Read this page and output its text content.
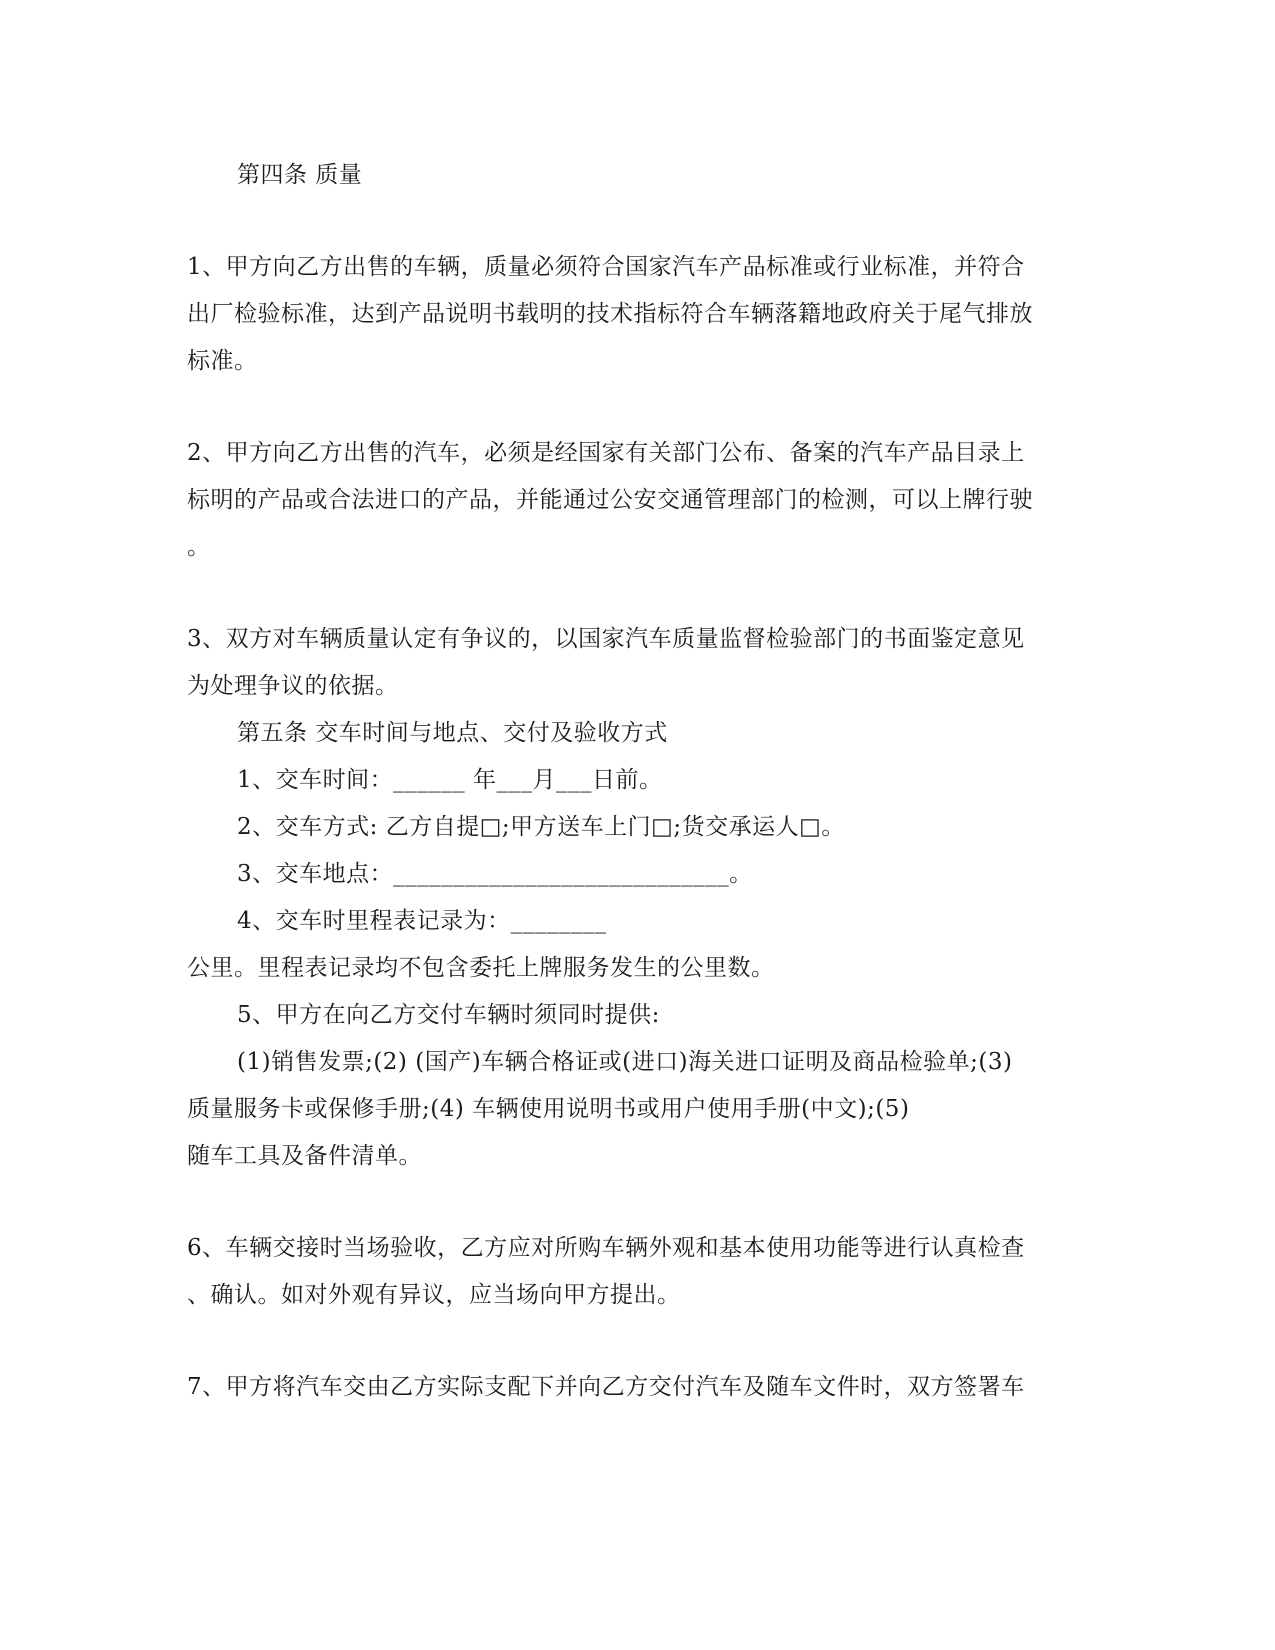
第四条 质量
1、甲方向乙方出售的车辆，质量必须符合国家汽车产品标准或行业标准，并符合
出厂检验标准，达到产品说明书载明的技术指标符合车辆落籍地政府关于尾气排放
标准。
2、甲方向乙方出售的汽车，必须是经国家有关部门公布、备案的汽车产品目录上
标明的产品或合法进口的产品，并能通过公安交通管理部门的检测，可以上牌行驶
。
3、双方对车辆质量认定有争议的，以国家汽车质量监督检验部门的书面鉴定意见
为处理争议的依据。
第五条 交车时间与地点、交付及验收方式
1、交车时间：______ 年___月___日前。
2、交车方式: 乙方自提□;甲方送车上门□;货交承运人□。
3、交车地点：____________________________。
4、交车时里程表记录为：________
公里。里程表记录均不包含委托上牌服务发生的公里数。
5、甲方在向乙方交付车辆时须同时提供:
(1)销售发票;(2) (国产)车辆合格证或(进口)海关进口证明及商品检验单;(3)
质量服务卡或保修手册;(4) 车辆使用说明书或用户使用手册(中文);(5)
随车工具及备件清单。
6、车辆交接时当场验收，乙方应对所购车辆外观和基本使用功能等进行认真检查
、确认。如对外观有异议，应当场向甲方提出。
7、甲方将汽车交由乙方实际支配下并向乙方交付汽车及随车文件时，双方签署车
